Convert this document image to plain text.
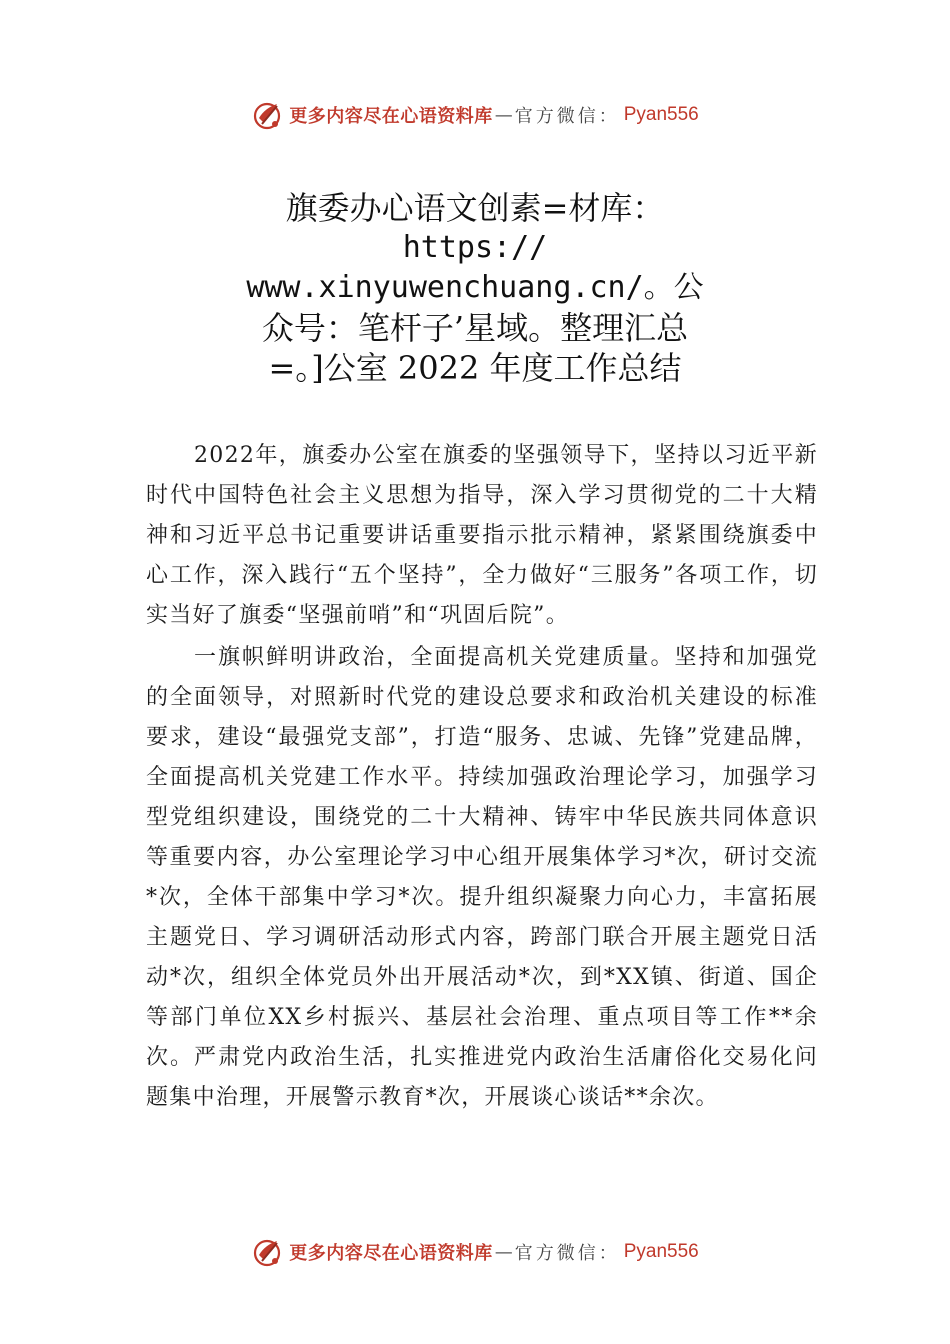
更多内容尽在心语资料库 — 官方微信： Pyan556
旗委办心语文创素=材库：
https://
www.xinyuwenchuang.cn/。公
众号：笔杆子’星域。整理汇总
=。]公室 2022 年度工作总结

2022年，旗委办公室在旗委的坚强领导下，坚持以习近平新时代中国特色社会主义思想为指导，深入学习贯彻党的二十大精神和习近平总书记重要讲话重要指示批示精神，紧紧围绕旗委中心工作，深入践行“五个坚持”，全力做好“三服务”各项工作，切实当好了旗委“坚强前哨”和“巩固后院”。

一旗帜鲜明讲政治，全面提高机关党建质量。坚持和加强党的全面领导，对照新时代党的建设总要求和政治机关建设的标准要求，建设“最强党支部”，打造“服务、忠诚、先锋”党建品牌，全面提高机关党建工作水平。持续加强政治理论学习，加强学习型党组织建设，围绕党的二十大精神、铸牢中华民族共同体意识等重要内容，办公室理论学习中心组开展集体学习*次，研讨交流*次，全体干部集中学习*次。提升组织凝聚力向心力，丰富拓展主题党日、学习调研活动形式内容，跨部门联合开展主题党日活动*次，组织全体党员外出开展活动*次，到*XX镇、街道、国企等部门单位XX乡村振兴、基层社会治理、重点项目等工作**余次。严肃党内政治生活，扎实推进党内政治生活庸俗化交易化问题集中治理，开展警示教育*次，开展谈心谈话**余次。

更多内容尽在心语资料库 — 官方微信： Pyan556
